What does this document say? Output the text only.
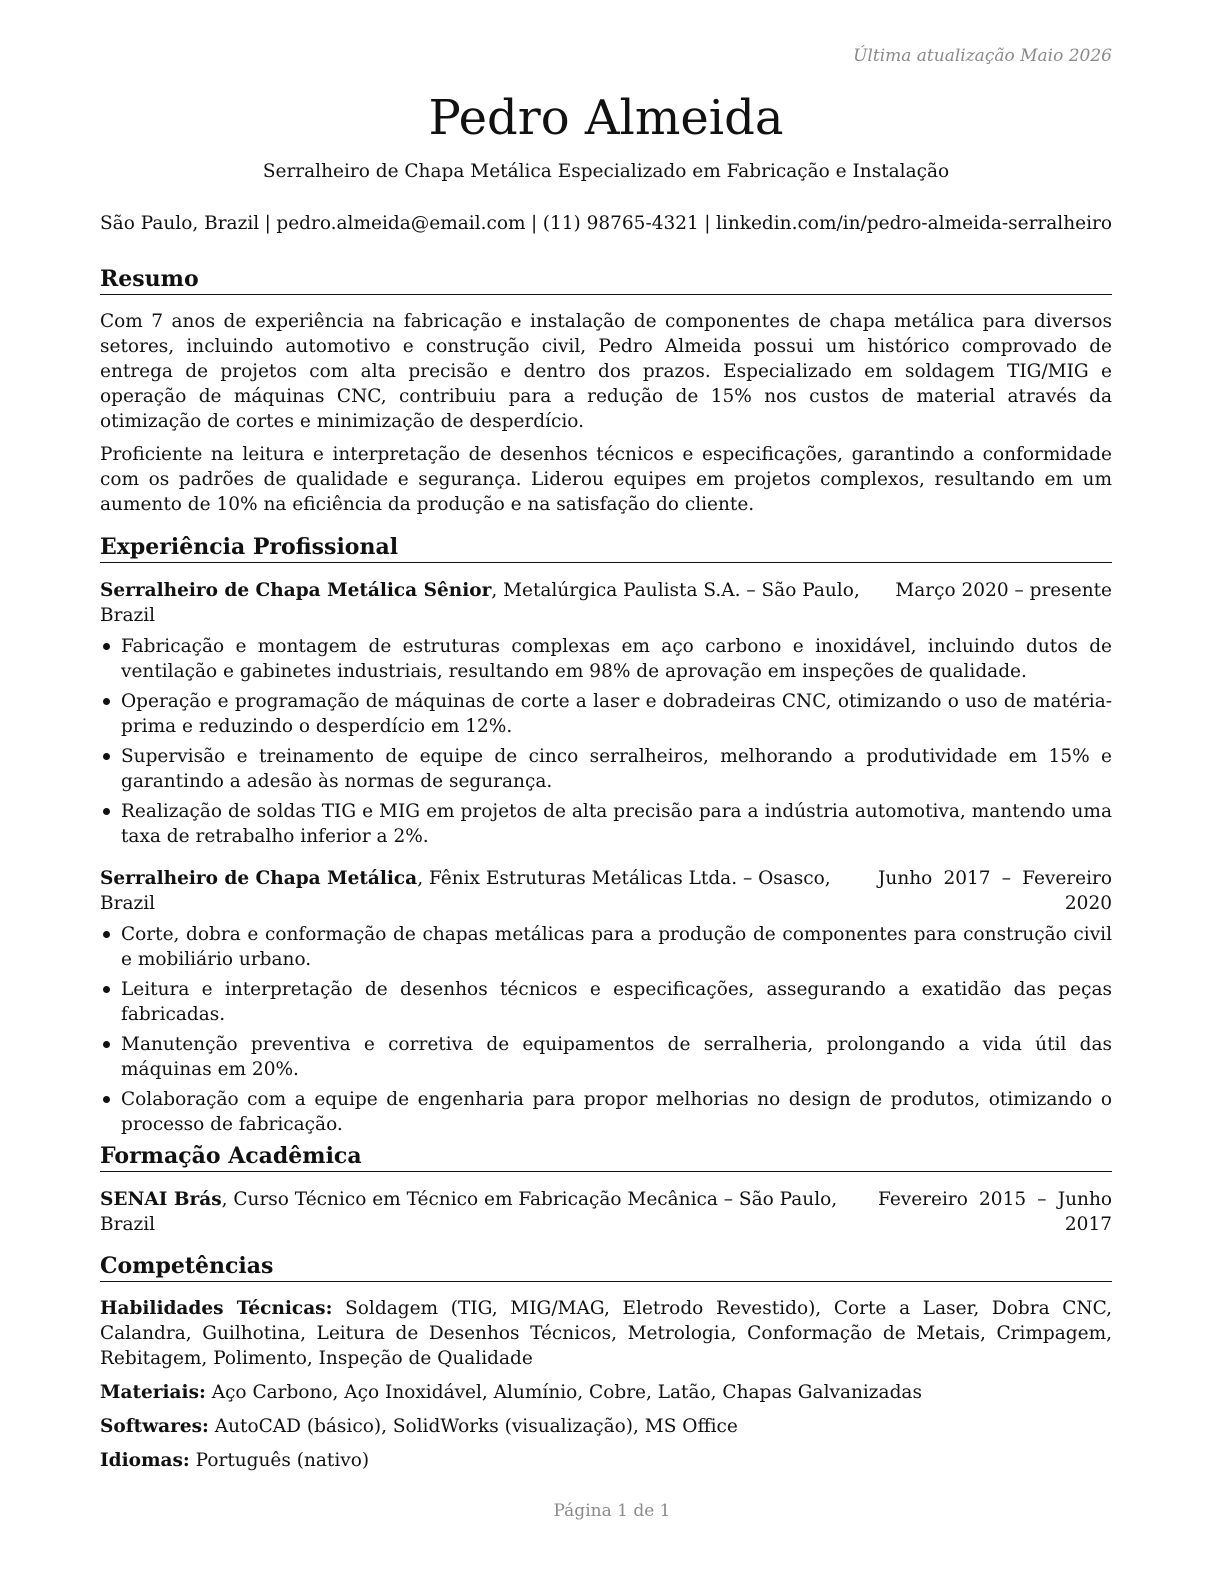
Última atualização Maio 2026
Pedro Almeida
Serralheiro de Chapa Metálica Especializado em Fabricação e Instalação
São Paulo, Brazil | pedro.almeida@email.com | (11) 98765-4321 | linkedin.com/in/pedro-almeida-serralheiro
Resumo

Com 7 anos de experiência na fabricação e instalação de componentes de chapa metálica para diversos setores, incluindo automotivo e construção civil, Pedro Almeida possui um histórico comprovado de entrega de projetos com alta precisão e dentro dos prazos. Especializado em soldagem TIG/MIG e operação de máquinas CNC, contribuiu para a redução de 15% nos custos de material através da otimização de cortes e minimização de desperdício.

Proficiente na leitura e interpretação de desenhos técnicos e especificações, garantindo a conformidade com os padrões de qualidade e segurança. Liderou equipes em projetos complexos, resultando em um aumento de 10% na eficiência da produção e na satisfação do cliente.

Experiência Profissional
Serralheiro de Chapa Metálica Sênior, Metalúrgica Paulista S.A. – São Paulo, Brazil
Março 2020 – presente
Fabricação e montagem de estruturas complexas em aço carbono e inoxidável, incluindo dutos de ventilação e gabinetes industriais, resultando em 98% de aprovação em inspeções de qualidade.
Operação e programação de máquinas de corte a laser e dobradeiras CNC, otimizando o uso de matéria-prima e reduzindo o desperdício em 12%.
Supervisão e treinamento de equipe de cinco serralheiros, melhorando a produtividade em 15% e garantindo a adesão às normas de segurança.
Realização de soldas TIG e MIG em projetos de alta precisão para a indústria automotiva, mantendo uma taxa de retrabalho inferior a 2%.
Serralheiro de Chapa Metálica, Fênix Estruturas Metálicas Ltda. – Osasco, Brazil
Junho 2017 – Fevereiro 2020
Corte, dobra e conformação de chapas metálicas para a produção de componentes para construção civil e mobiliário urbano.
Leitura e interpretação de desenhos técnicos e especificações, assegurando a exatidão das peças fabricadas.
Manutenção preventiva e corretiva de equipamentos de serralheria, prolongando a vida útil das máquinas em 20%.
Colaboração com a equipe de engenharia para propor melhorias no design de produtos, otimizando o processo de fabricação.
Formação Acadêmica
SENAI Brás, Curso Técnico em Técnico em Fabricação Mecânica – São Paulo, Brazil
Fevereiro 2015 – Junho 2017
Competências

Habilidades Técnicas: Soldagem (TIG, MIG/MAG, Eletrodo Revestido), Corte a Laser, Dobra CNC, Calandra, Guilhotina, Leitura de Desenhos Técnicos, Metrologia, Conformação de Metais, Crimpagem, Rebitagem, Polimento, Inspeção de Qualidade

Materiais: Aço Carbono, Aço Inoxidável, Alumínio, Cobre, Latão, Chapas Galvanizadas

Softwares: AutoCAD (básico), SolidWorks (visualização), MS Office

Idiomas: Português (nativo)

Página 1 de 1
